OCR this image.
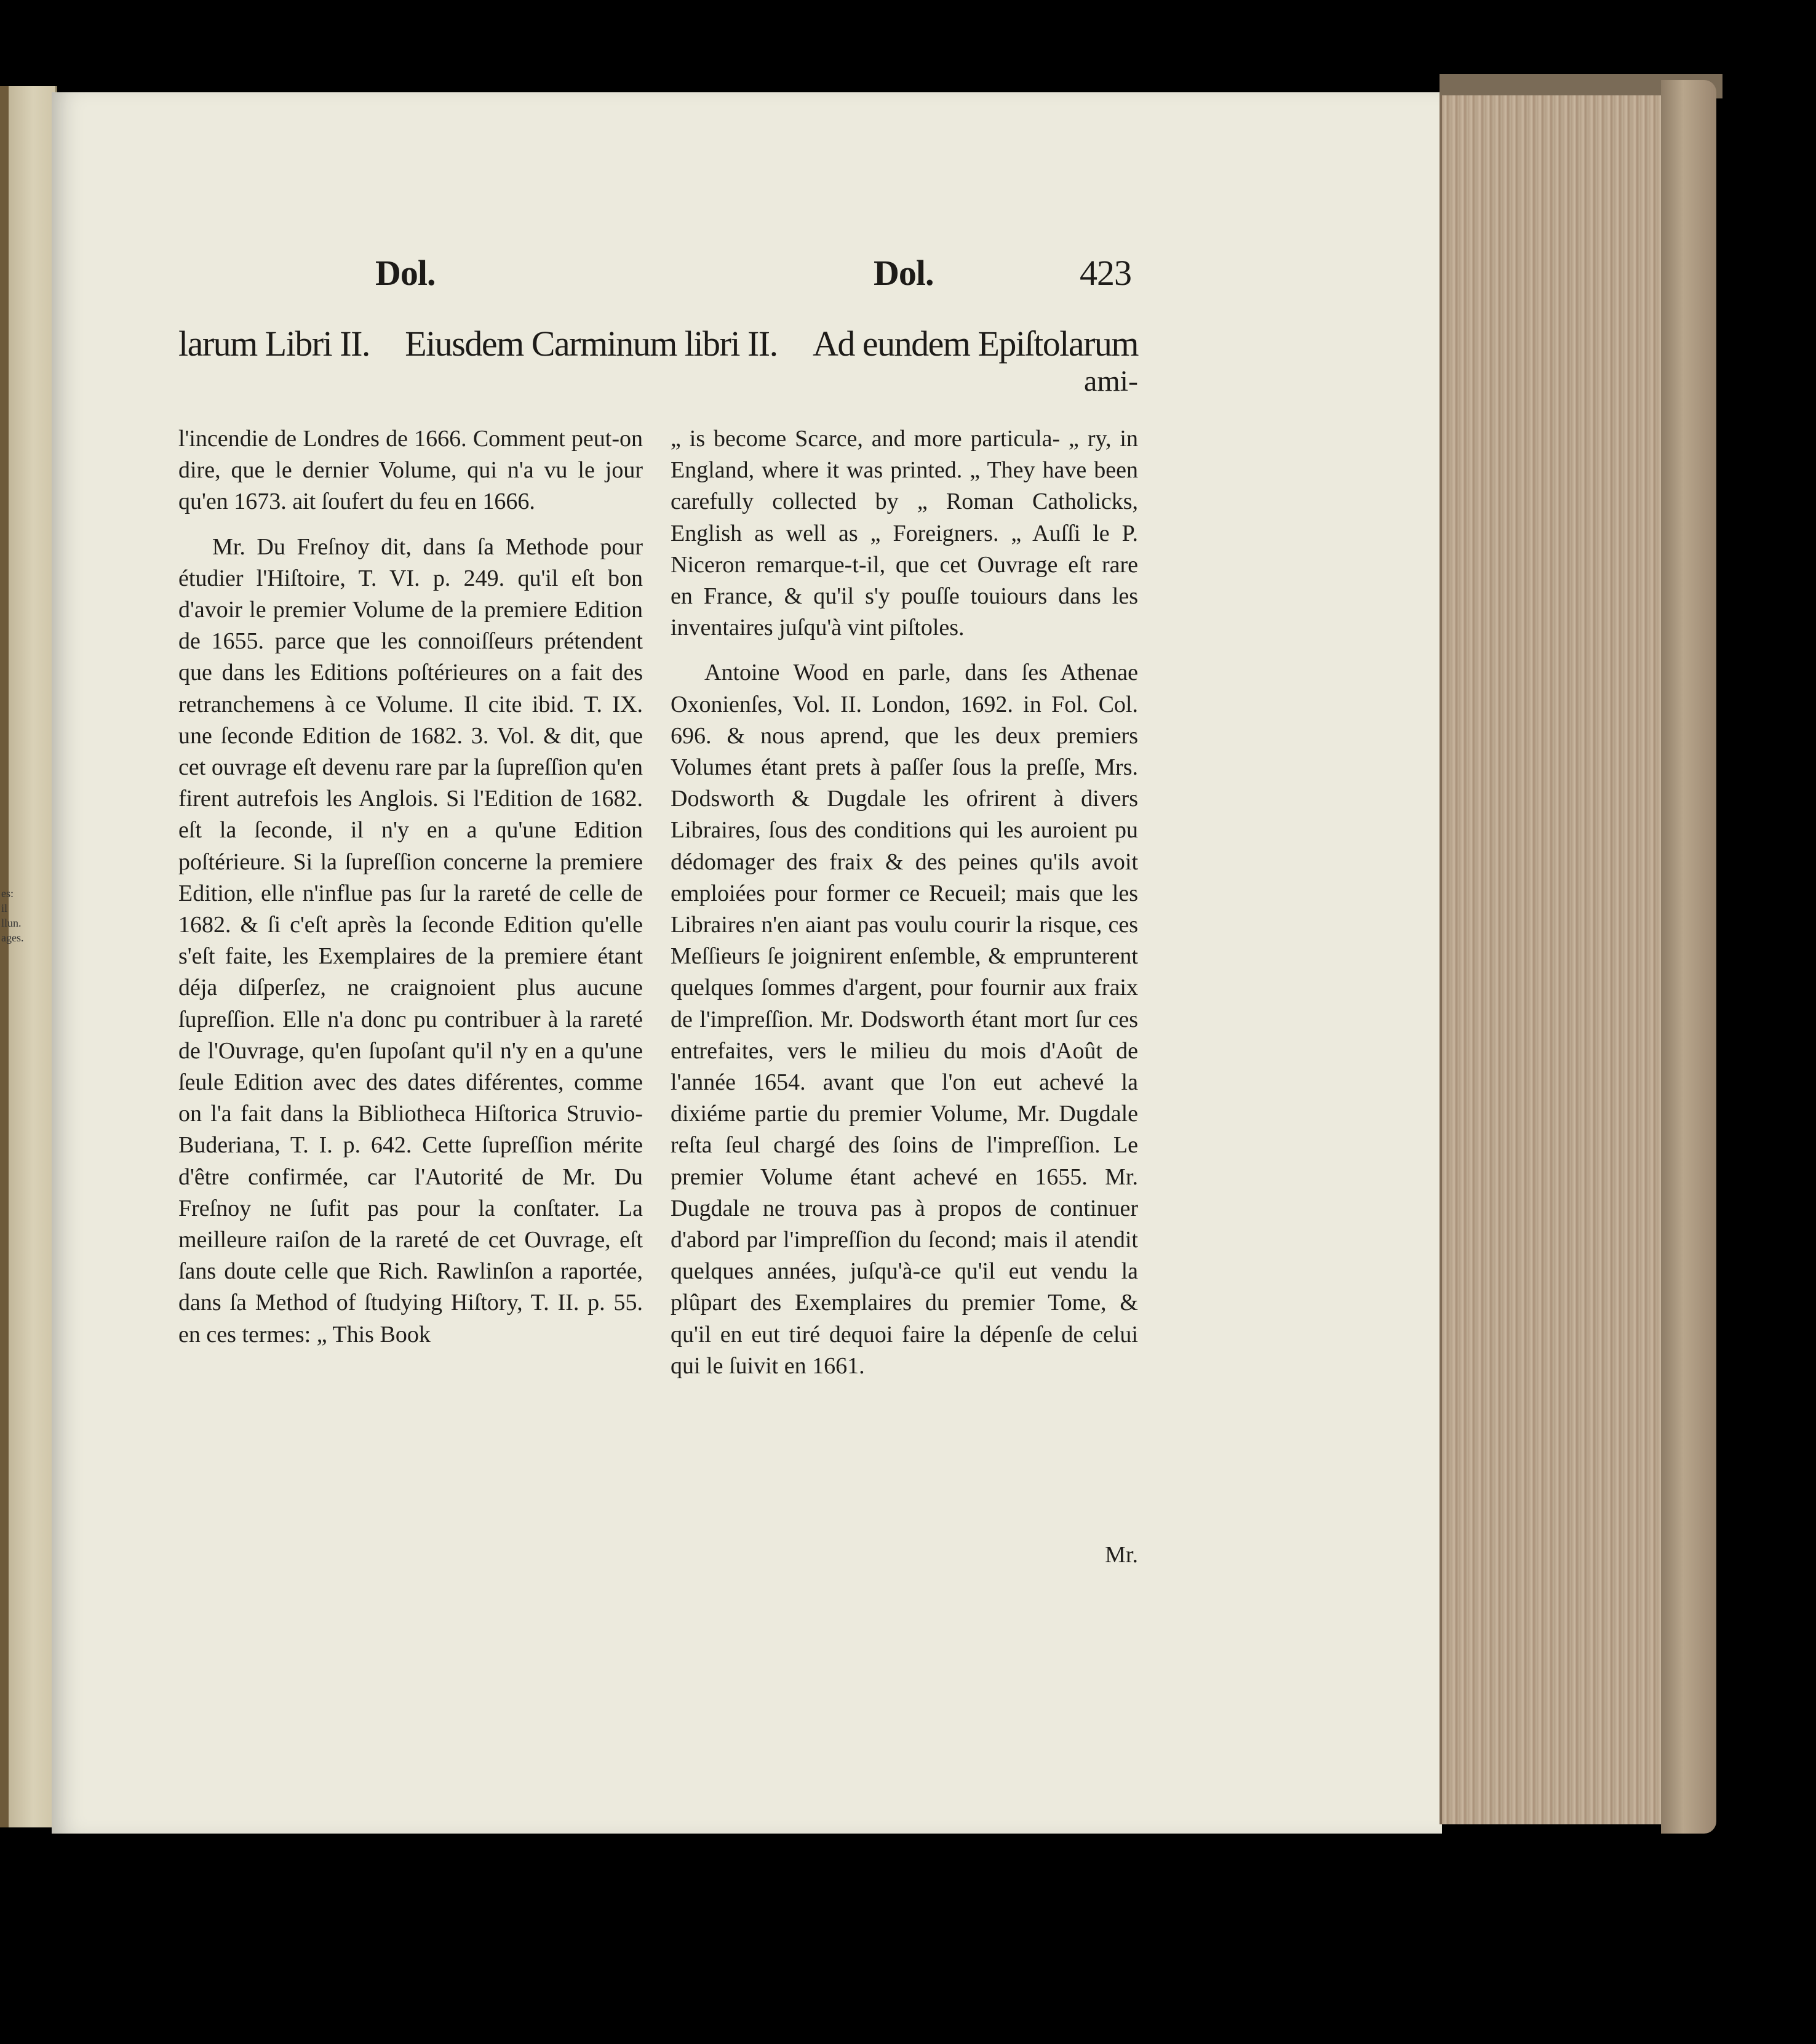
es: il llun. ages.
Dol.	Dol.	423
larum Libri II. Eiusdem Carminum libri II. Ad eundem Epiſtolarum
ami-

l'incendie de Londres de 1666. Comment peut-on dire, que le dernier Volume, qui n'a vu le jour qu'en 1673. ait ſoufert du feu en 1666.

Mr. Du Freſnoy dit, dans ſa Methode pour étudier l'Hiſtoire, T. VI. p. 249. qu'il eſt bon d'avoir le premier Volume de la premiere Edition de 1655. parce que les connoiſſeurs prétendent que dans les Editions poſtérieures on a fait des retranchemens à ce Volume. Il cite ibid. T. IX. une ſeconde Edition de 1682. 3. Vol. & dit, que cet ouvrage eſt devenu rare par la ſupreſſion qu'en firent autrefois les Anglois. Si l'Edition de 1682. eſt la ſeconde, il n'y en a qu'une Edition poſtérieure. Si la ſupreſſion concerne la premiere Edition, elle n'influe pas ſur la rareté de celle de 1682. & ſi c'eſt après la ſeconde Edition qu'elle s'eſt faite, les Exemplaires de la premiere étant déja diſperſez, ne craignoient plus aucune ſupreſſion. Elle n'a donc pu contribuer à la rareté de l'Ouvrage, qu'en ſupoſant qu'il n'y en a qu'une ſeule Edition avec des dates diférentes, comme on l'a fait dans la Bibliotheca Hiſtorica Struvio-Buderiana, T. I. p. 642. Cette ſupreſſion mérite d'être confirmée, car l'Autorité de Mr. Du Freſnoy ne ſufit pas pour la conſtater. La meilleure raiſon de la rareté de cet Ouvrage, eſt ſans doute celle que Rich. Rawlinſon a raportée, dans ſa Method of ſtudying Hiſtory, T. II. p. 55. en ces termes: „ This Book

„ is become Scarce, and more particula- „ ry, in England, where it was printed. „ They have been carefully collected by „ Roman Catholicks, English as well as „ Foreigners. „ Auſſi le P. Niceron remarque-t-il, que cet Ouvrage eſt rare en France, & qu'il s'y pouſſe touiours dans les inventaires juſqu'à vint piſtoles.

Antoine Wood en parle, dans ſes Athenae Oxonienſes, Vol. II. London, 1692. in Fol. Col. 696. & nous aprend, que les deux premiers Volumes étant prets à paſſer ſous la preſſe, Mrs. Dodsworth & Dugdale les ofrirent à divers Libraires, ſous des conditions qui les auroient pu dédomager des fraix & des peines qu'ils avoit emploiées pour former ce Recueil; mais que les Libraires n'en aiant pas voulu courir la risque, ces Meſſieurs ſe joignirent enſemble, & emprunterent quelques ſommes d'argent, pour fournir aux fraix de l'impreſſion. Mr. Dodsworth étant mort ſur ces entrefaites, vers le milieu du mois d'Août de l'année 1654. avant que l'on eut achevé la dixiéme partie du premier Volume, Mr. Dugdale reſta ſeul chargé des ſoins de l'impreſſion. Le premier Volume étant achevé en 1655. Mr. Dugdale ne trouva pas à propos de continuer d'abord par l'impreſſion du ſecond; mais il atendit quelques années, juſqu'à-ce qu'il eut vendu la plûpart des Exemplaires du premier Tome, & qu'il en eut tiré dequoi faire la dépenſe de celui qui le ſuivit en 1661.

Mr.
